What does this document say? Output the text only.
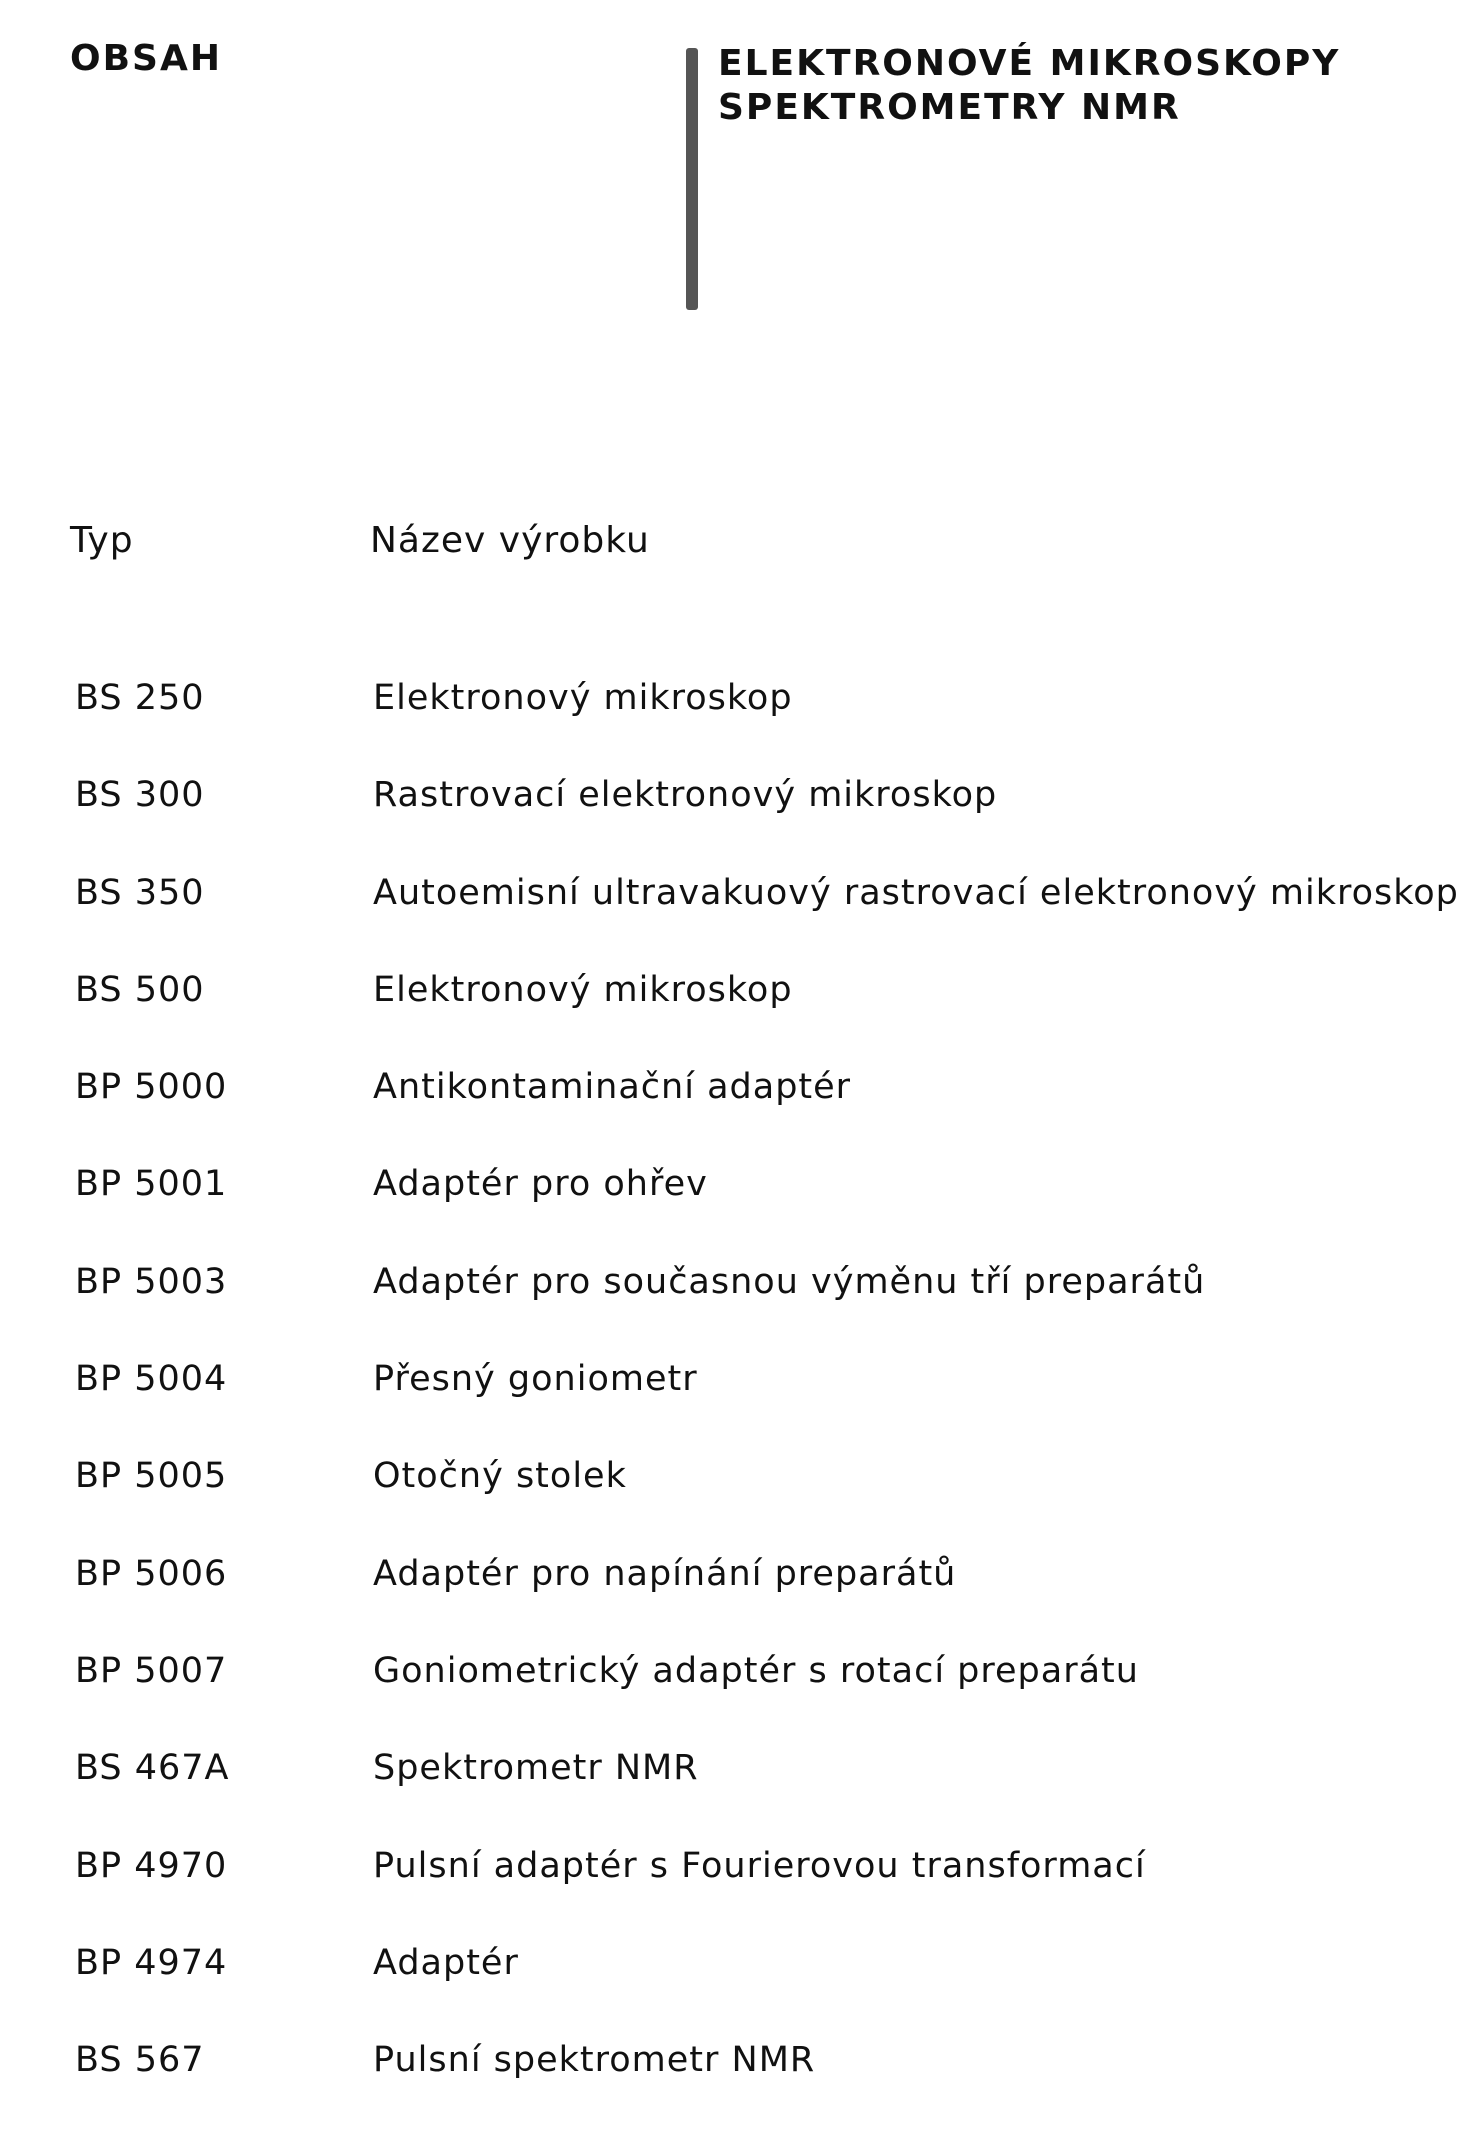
OBSAH	ELEKTRONOVÉ MIKROSKOPY
SPEKTROMETRY NMR
Typ	Název výrobku
BS 250	Elektronový mikroskop
BS 300	Rastrovací elektronový mikroskop
BS 350	Autoemisní ultravakuový rastrovací elektronový mikroskop
BS 500	Elektronový mikroskop
BP 5000	Antikontaminační adaptér
BP 5001	Adaptér pro ohřev
BP 5003	Adaptér pro současnou výměnu tří preparátů
BP 5004	Přesný goniometr
BP 5005	Otočný stolek
BP 5006	Adaptér pro napínání preparátů
BP 5007	Goniometrický adaptér s rotací preparátu
BS 467A	Spektrometr NMR
BP 4970	Pulsní adaptér s Fourierovou transformací
BP 4974	Adaptér
BS 567	Pulsní spektrometr NMR
